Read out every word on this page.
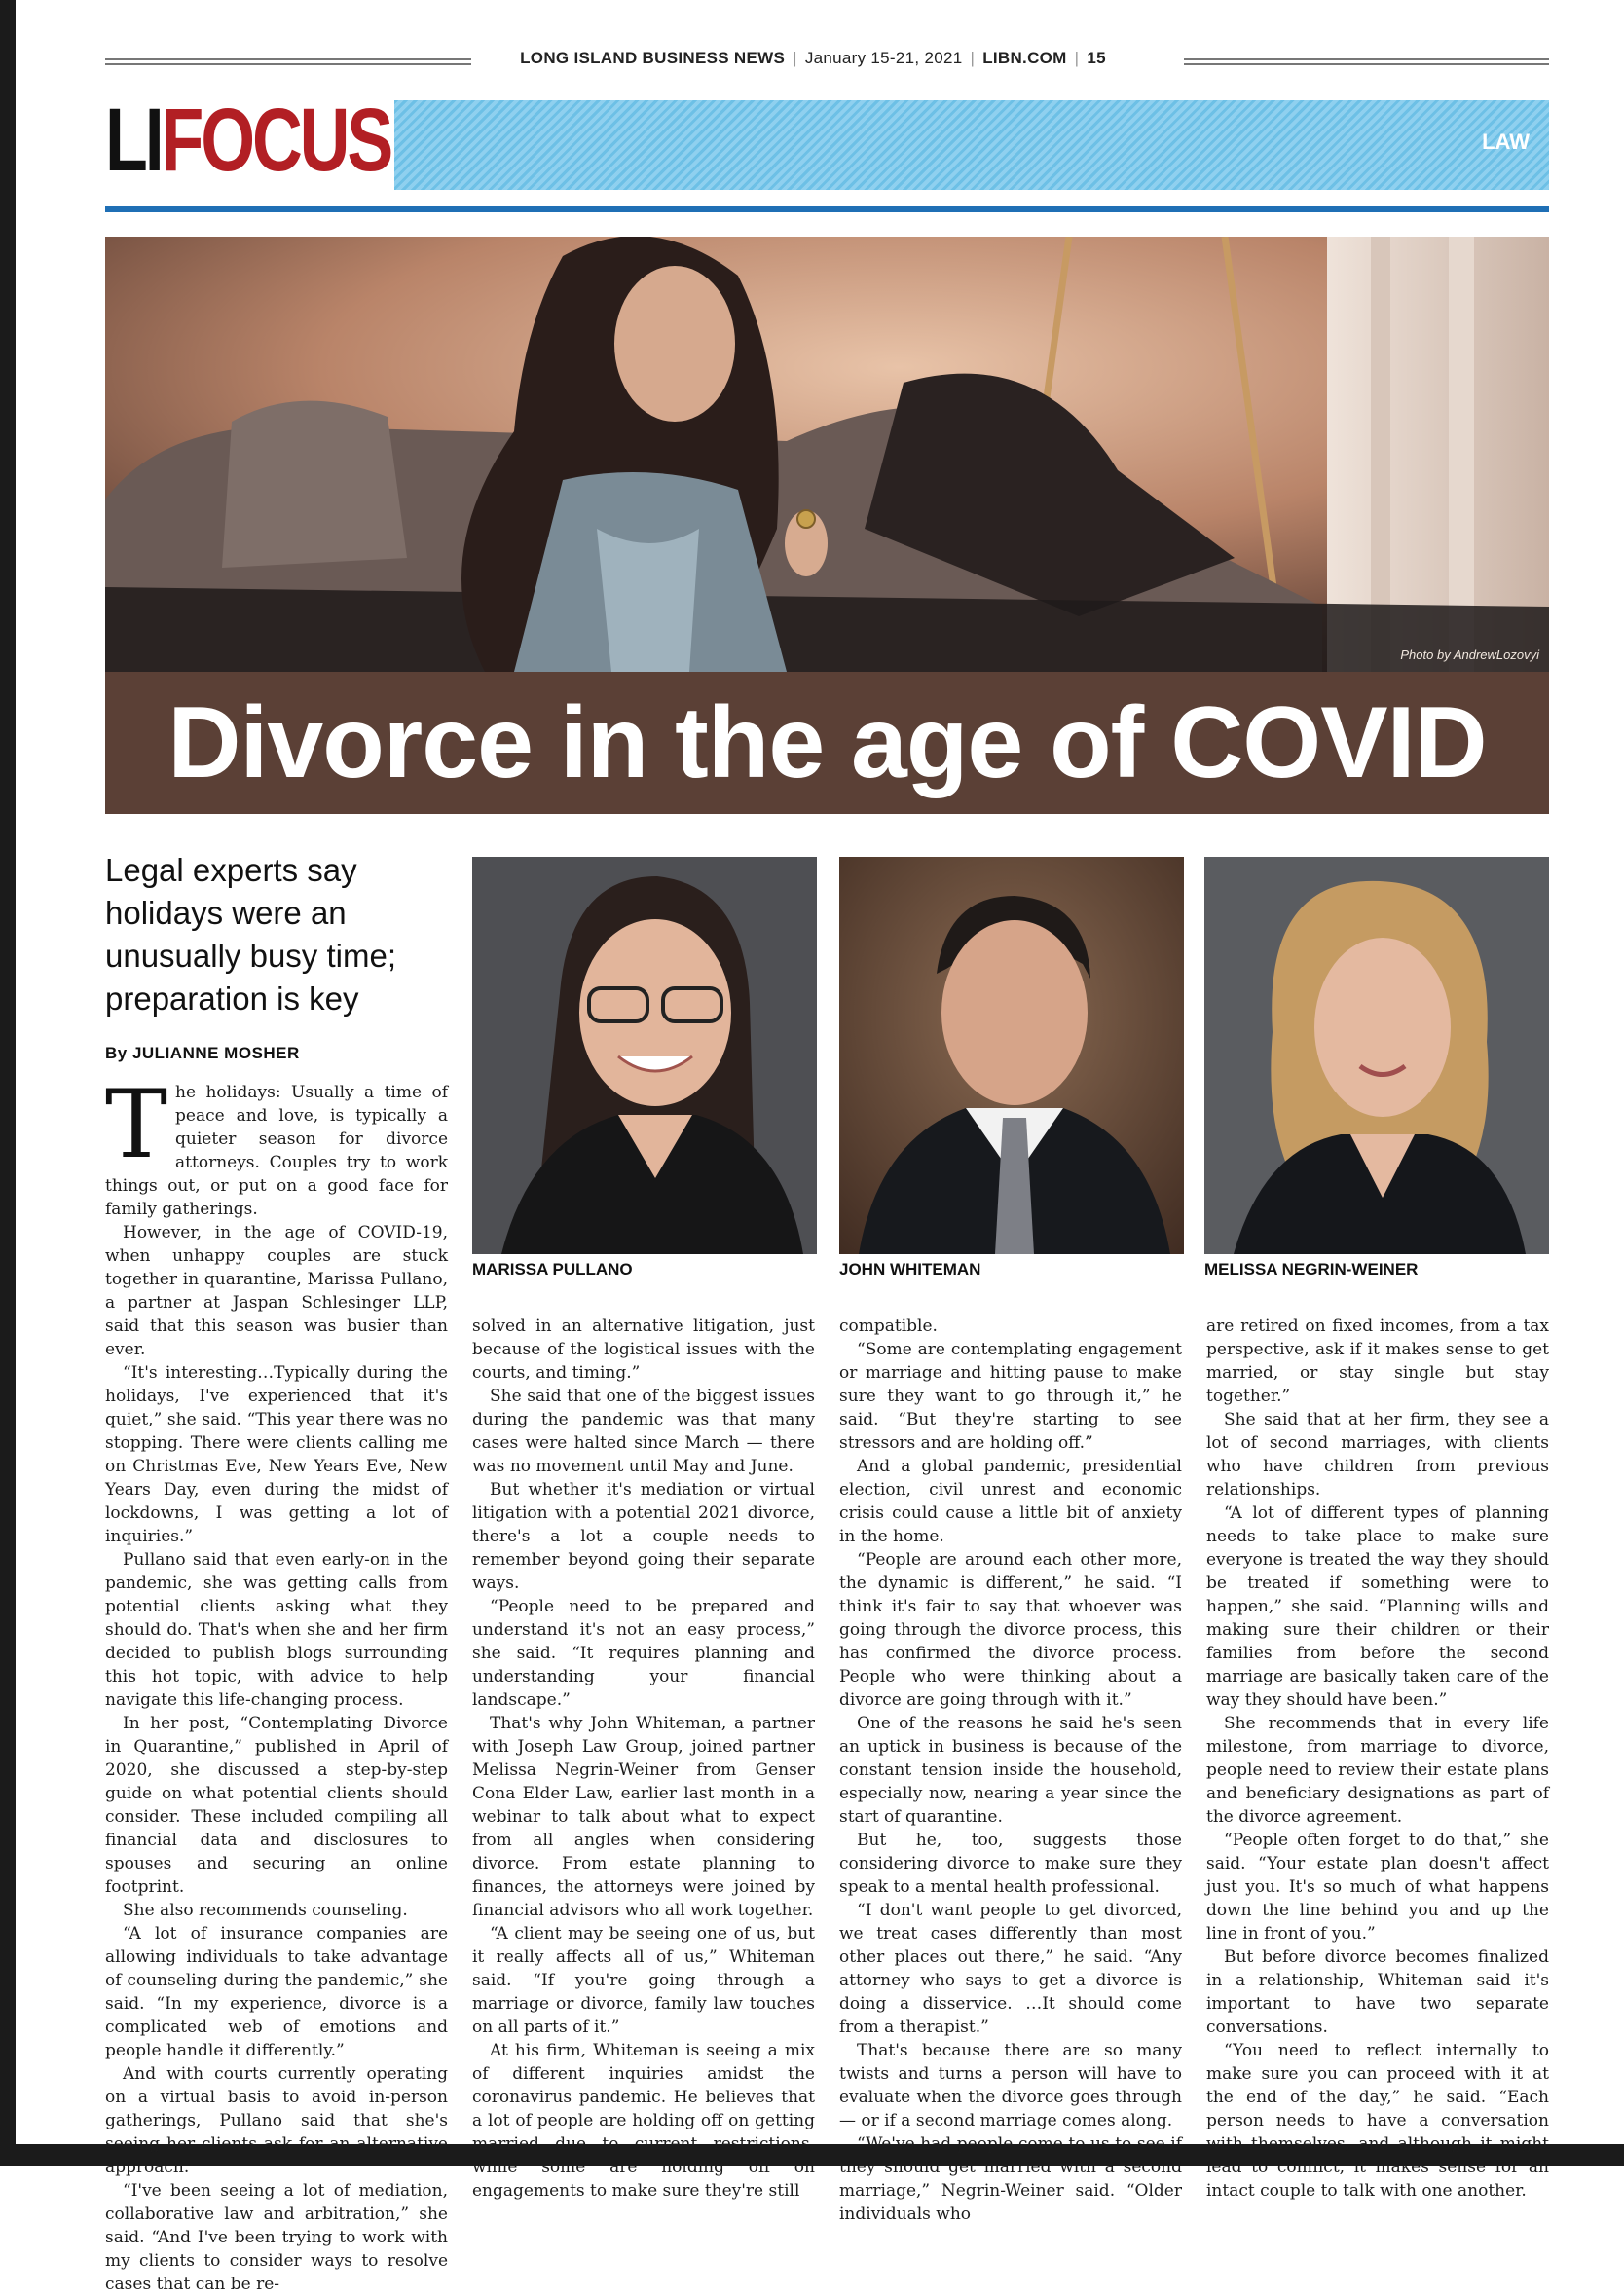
LONG ISLAND BUSINESS NEWS | January 15-21, 2021 | LIBN.COM | 15
LIFOCUS	LAW
Photo by AndrewLozovyi
Divorce in the age of COVID
Legal experts say holidays were an unusually busy time; preparation is key
By JULIANNE MOSHER
MARISSA PULLANO	JOHN WHITEMAN	MELISSA NEGRIN-WEINER
T he holidays: Usually a time of peace and love, is typically a quieter season for divorce attorneys. Couples try to work things out, or put on a good face for family gatherings.

However, in the age of COVID-19, when unhappy couples are stuck together in quarantine, Marissa Pullano, a partner at Jaspan Schlesinger LLP, said that this season was busier than ever.

“It's interesting…Typically during the holidays, I've experienced that it's quiet,” she said. “This year there was no stopping. There were clients calling me on Christmas Eve, New Years Eve, New Years Day, even during the midst of lockdowns, I was getting a lot of inquiries.”

Pullano said that even early-on in the pandemic, she was getting calls from potential clients asking what they should do. That's when she and her firm decided to publish blogs surrounding this hot topic, with advice to help navigate this life-changing process.

In her post, “Contemplating Divorce in Quarantine,” published in April of 2020, she discussed a step-by-step guide on what potential clients should consider. These included compiling all financial data and disclosures to spouses and securing an online footprint.

She also recommends counseling.

“A lot of insurance companies are allowing individuals to take advantage of counseling during the pandemic,” she said. “In my experience, divorce is a complicated web of emotions and people handle it differently.”

And with courts currently operating on a virtual basis to avoid in-person gatherings, Pullano said that she's seeing her clients ask for an alternative approach.

“I've been seeing a lot of mediation, collaborative law and arbitration,” she said. “And I've been trying to work with my clients to consider ways to resolve cases that can be re-

solved in an alternative litigation, just because of the logistical issues with the courts, and timing.”

She said that one of the biggest issues during the pandemic was that many cases were halted since March — there was no movement until May and June.

But whether it's mediation or virtual litigation with a potential 2021 divorce, there's a lot a couple needs to remember beyond going their separate ways.

“People need to be prepared and understand it's not an easy process,” she said. “It requires planning and understanding your financial landscape.”

That's why John Whiteman, a partner with Joseph Law Group, joined partner Melissa Negrin-Weiner from Genser Cona Elder Law, earlier last month in a webinar to talk about what to expect from all angles when considering divorce. From estate planning to finances, the attorneys were joined by financial advisors who all work together.

“A client may be seeing one of us, but it really affects all of us,” Whiteman said. “If you're going through a marriage or divorce, family law touches on all parts of it.”

At his firm, Whiteman is seeing a mix of different inquiries amidst the coronavirus pandemic. He believes that a lot of people are holding off on getting married due to current restrictions, while some are holding off on engagements to make sure they're still

compatible.

“Some are contemplating engagement or marriage and hitting pause to make sure they want to go through it,” he said. “But they're starting to see stressors and are holding off.”

And a global pandemic, presidential election, civil unrest and economic crisis could cause a little bit of anxiety in the home.

“People are around each other more, the dynamic is different,” he said. “I think it's fair to say that whoever was going through the divorce process, this has confirmed the divorce process. People who were thinking about a divorce are going through with it.”

One of the reasons he said he's seen an uptick in business is because of the constant tension inside the household, especially now, nearing a year since the start of quarantine.

But he, too, suggests those considering divorce to make sure they speak to a mental health professional.

“I don't want people to get divorced, we treat cases differently than most other places out there,” he said. “Any attorney who says to get a divorce is doing a disservice. …It should come from a therapist.”

That's because there are so many twists and turns a person will have to evaluate when the divorce goes through — or if a second marriage comes along.

“We've had people come to us to see if they should get married with a second marriage,” Negrin-Weiner said. “Older individuals who

are retired on fixed incomes, from a tax perspective, ask if it makes sense to get married, or stay single but stay together.”

She said that at her firm, they see a lot of second marriages, with clients who have children from previous relationships.

“A lot of different types of planning needs to take place to make sure everyone is treated the way they should be treated if something were to happen,” she said. “Planning wills and making sure their children or their families from before the second marriage are basically taken care of the way they should have been.”

She recommends that in every life milestone, from marriage to divorce, people need to review their estate plans and beneficiary designations as part of the divorce agreement.

“People often forget to do that,” she said. “Your estate plan doesn't affect just you. It's so much of what happens down the line behind you and up the line in front of you.”

But before divorce becomes finalized in a relationship, Whiteman said it's important to have two separate conversations.

“You need to reflect internally to make sure you can proceed with it at the end of the day,” he said. “Each person needs to have a conversation with themselves, and although it might lead to conflict, it makes sense for an intact couple to talk with one another.
